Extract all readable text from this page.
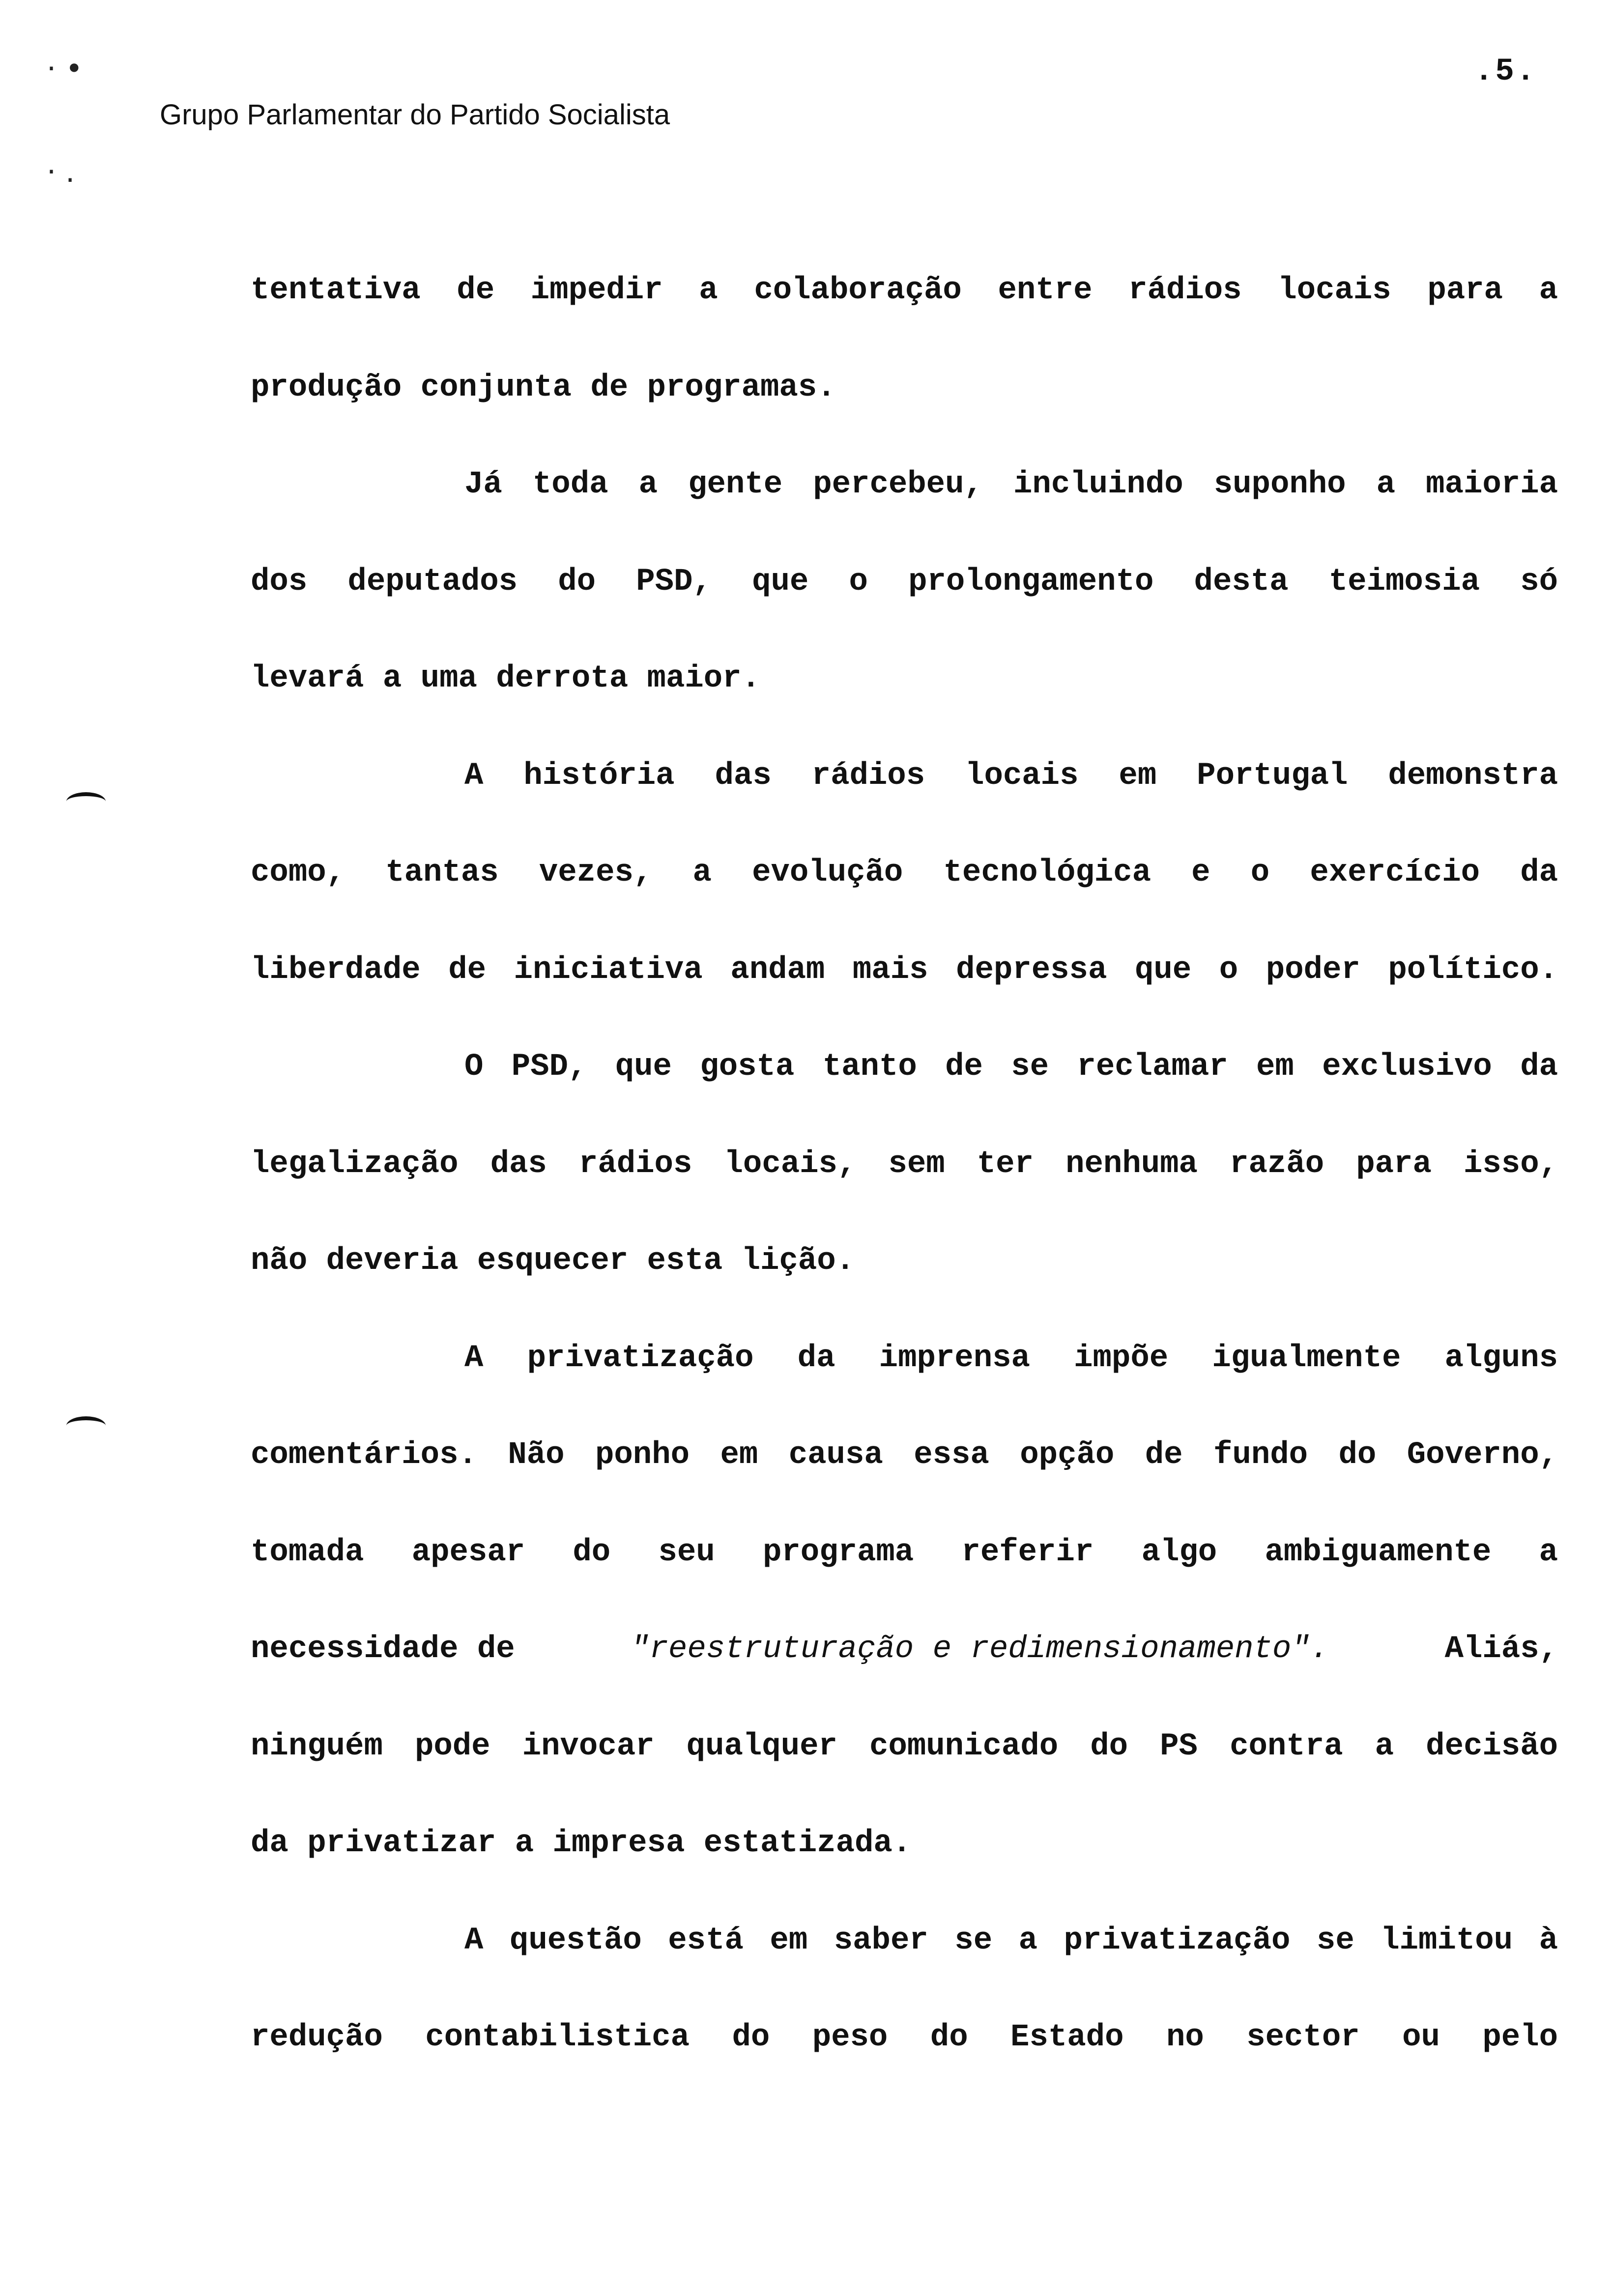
· •
· .
.5.
Grupo Parlamentar do Partido Socialista
tentativa de impedir a colaboração entre rádios locais para a
produção conjunta de programas.
Já toda a gente percebeu, incluindo suponho a maioria
dos deputados do PSD, que o prolongamento desta teimosia só
levará a uma derrota maior.
A história das rádios locais em Portugal demonstra
como, tantas vezes, a evolução tecnológica e o exercício da
liberdade de iniciativa andam mais depressa que o poder político.
O PSD, que gosta tanto de se reclamar em exclusivo da
legalização das rádios locais, sem ter nenhuma razão para isso,
não deveria esquecer esta lição.
A privatização da imprensa impõe igualmente alguns
comentários. Não ponho em causa essa opção de fundo do Governo,
tomada apesar do seu programa referir algo ambiguamente a
necessidade de	"reestruturação e redimensionamento".	Aliás,
ninguém pode invocar qualquer comunicado do PS contra a decisão
da privatizar a impresa estatizada.
A questão está em saber se a privatização se limitou à
redução contabilistica do peso do Estado no sector ou pelo
